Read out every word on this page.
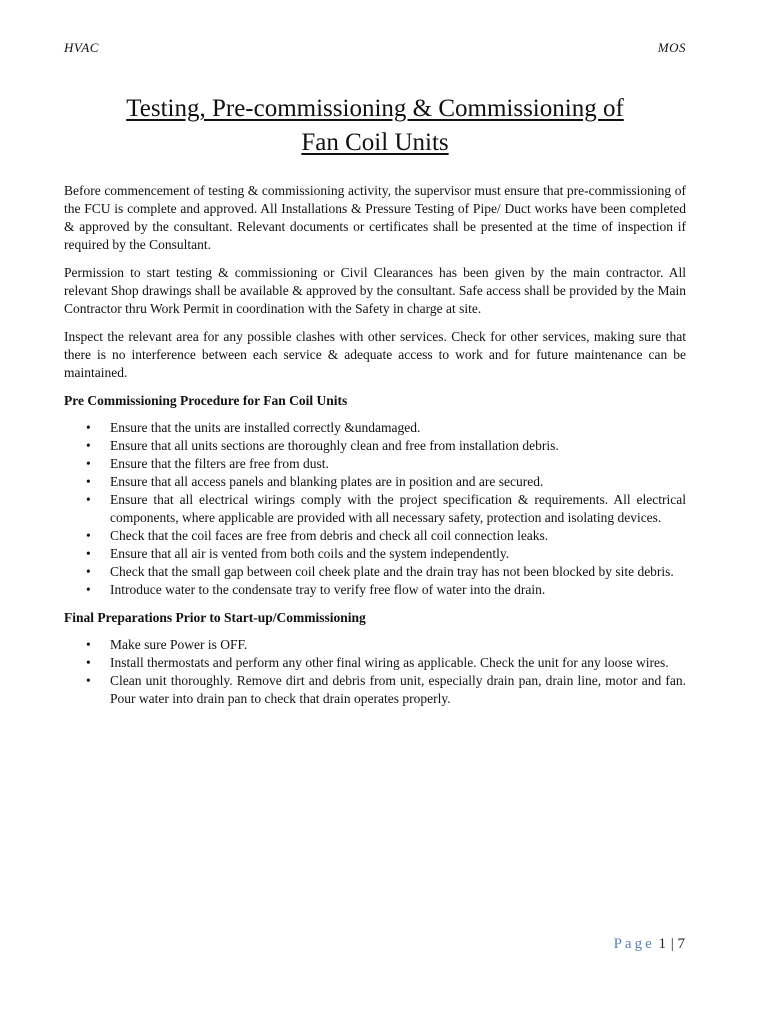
HVAC	MOS
Testing, Pre-commissioning & Commissioning of
Fan Coil Units

Before commencement of testing & commissioning activity, the supervisor must ensure that pre-commissioning of the FCU is complete and approved. All Installations & Pressure Testing of Pipe/ Duct works have been completed & approved by the consultant. Relevant documents or certificates shall be presented at the time of inspection if required by the Consultant.

Permission to start testing & commissioning or Civil Clearances has been given by the main contractor. All relevant Shop drawings shall be available & approved by the consultant. Safe access shall be provided by the Main Contractor thru Work Permit in coordination with the Safety in charge at site.

Inspect the relevant area for any possible clashes with other services. Check for other services, making sure that there is no interference between each service & adequate access to work and for future maintenance can be maintained.

Pre Commissioning Procedure for Fan Coil Units
• Ensure that the units are installed correctly &undamaged.
• Ensure that all units sections are thoroughly clean and free from installation debris.
• Ensure that the filters are free from dust.
• Ensure that all access panels and blanking plates are in position and are secured.
• Ensure that all electrical wirings comply with the project specification & requirements. All electrical components, where applicable are provided with all necessary safety, protection and isolating devices.
• Check that the coil faces are free from debris and check all coil connection leaks.
• Ensure that all air is vented from both coils and the system independently.
• Check that the small gap between coil cheek plate and the drain tray has not been blocked by site debris.
• Introduce water to the condensate tray to verify free flow of water into the drain.
Final Preparations Prior to Start-up/Commissioning
• Make sure Power is OFF.
• Install thermostats and perform any other final wiring as applicable. Check the unit for any loose wires.
• Clean unit thoroughly. Remove dirt and debris from unit, especially drain pan, drain line, motor and fan. Pour water into drain pan to check that drain operates properly.
Page 1 | 7
